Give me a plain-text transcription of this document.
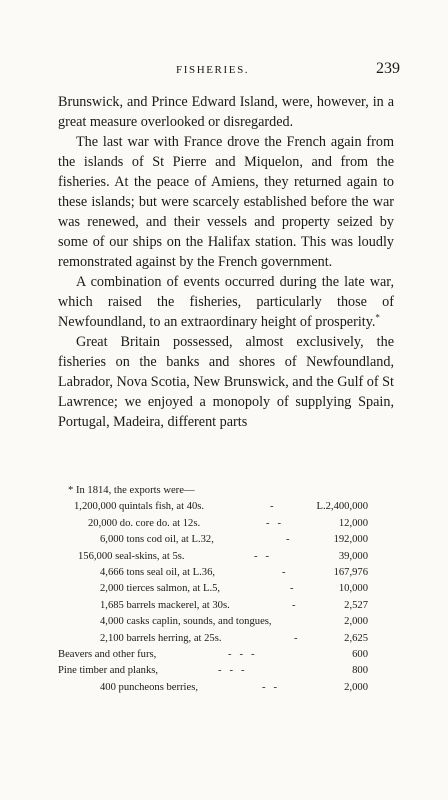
FISHERIES.	239

Brunswick, and Prince Edward Island, were, however, in a great measure overlooked or disregarded.

The last war with France drove the French again from the islands of St Pierre and Miquelon, and from the fisheries. At the peace of Amiens, they returned again to these islands; but were scarcely established before the war was renewed, and their vessels and property seized by some of our ships on the Halifax station. This was loudly remonstrated against by the French government.

A combination of events occurred during the late war, which raised the fisheries, particularly those of Newfoundland, to an extraordinary height of prosperity.*

Great Britain possessed, almost exclusively, the fisheries on the banks and shores of Newfoundland, Labrador, Nova Scotia, New Brunswick, and the Gulf of St Lawrence; we enjoyed a monopoly of supplying Spain, Portugal, Madeira, different parts

* In 1814, the exports were—
1,200,000 quintals fish, at 40s.	-	L.2,400,000
20,000 do. core do. at 12s.	-   -	12,000
6,000 tons cod oil, at L.32,	-	192,000
156,000 seal-skins, at 5s.	-   -	39,000
4,666 tons seal oil, at L.36,	-	167,976
2,000 tierces salmon, at L.5,	-	10,000
1,685 barrels mackerel, at 30s.	-	2,527
4,000 casks caplin, sounds, and tongues,	2,000
2,100 barrels herring, at 25s.	-	2,625
Beavers and other furs,	-   -   -	600
Pine timber and planks,	-   -   -	800
400 puncheons berries,	-   -	2,000
